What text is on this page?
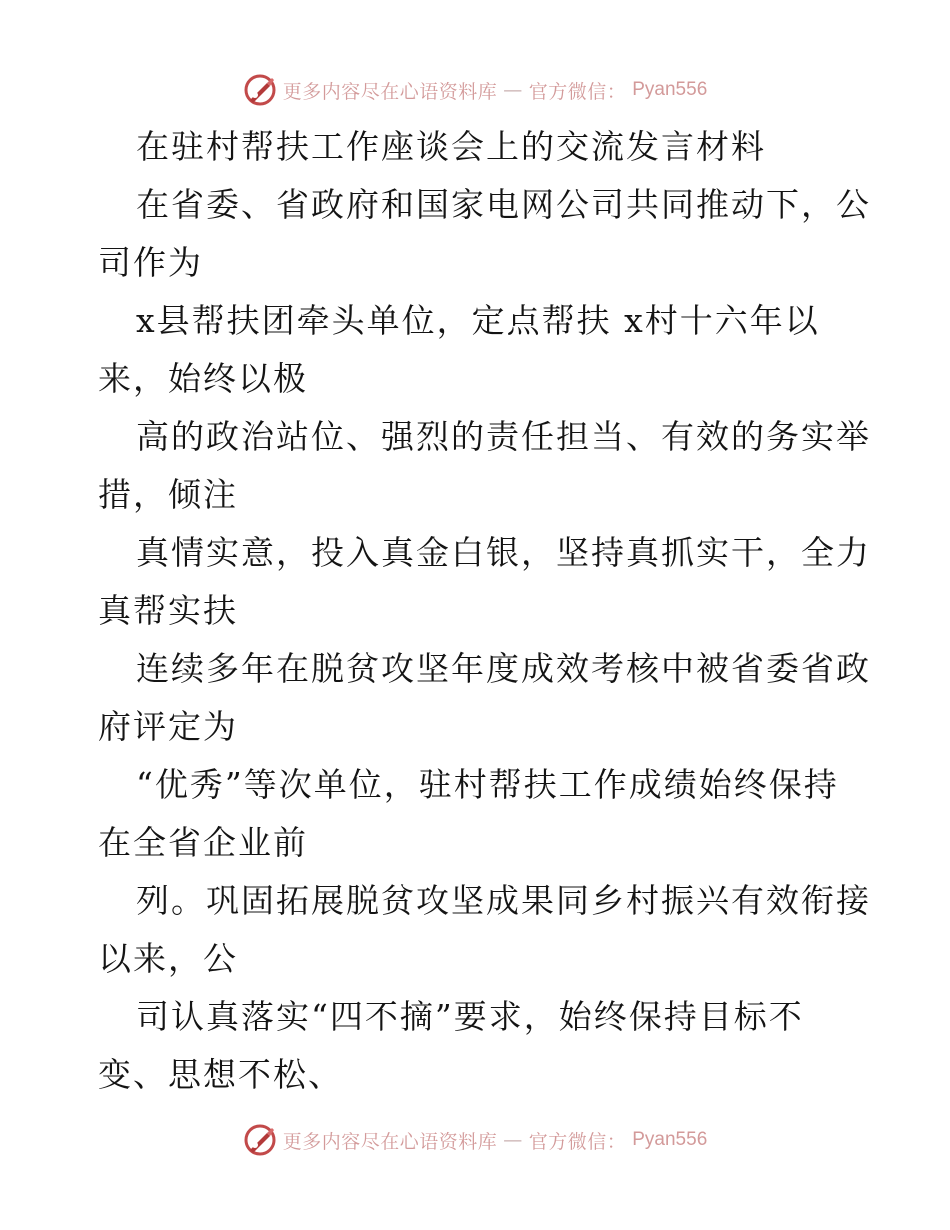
更多内容尽在心语资料库 — 官方微信： Pyan556
在驻村帮扶工作座谈会上的交流发言材料
在省委、省政府和国家电网公司共同推动下，公
司作为
x县帮扶团牵头单位，定点帮扶 x村十六年以
来，始终以极
高的政治站位、强烈的责任担当、有效的务实举
措，倾注
真情实意，投入真金白银，坚持真抓实干，全力
真帮实扶
连续多年在脱贫攻坚年度成效考核中被省委省政
府评定为
“优秀”等次单位，驻村帮扶工作成绩始终保持
在全省企业前
列。巩固拓展脱贫攻坚成果同乡村振兴有效衔接
以来，公
司认真落实“四不摘”要求，始终保持目标不
变、思想不松、
更多内容尽在心语资料库 — 官方微信： Pyan556
